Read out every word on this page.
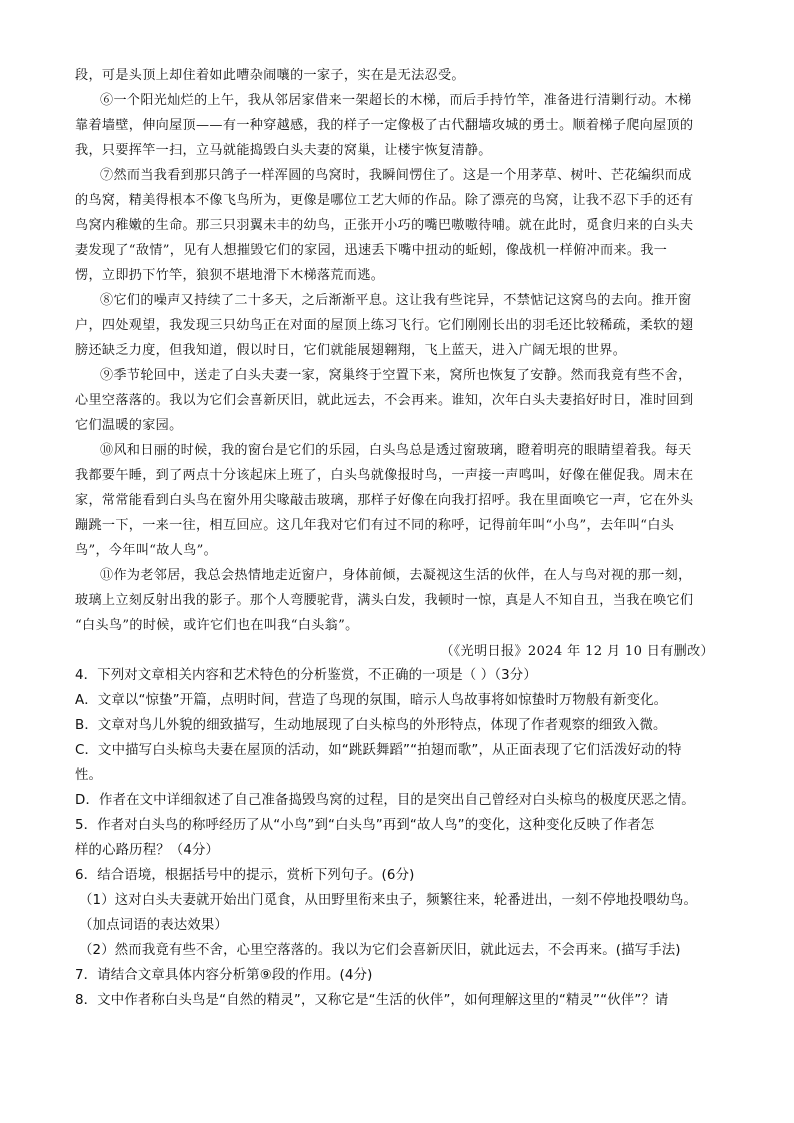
段，可是头顶上却住着如此嘈杂闹嚷的一家子，实在是无法忍受。
⑥一个阳光灿烂的上午，我从邻居家借来一架超长的木梯，而后手持竹竿，准备进行清剿行动。木梯
靠着墙壁，伸向屋顶——有一种穿越感，我的样子一定像极了古代翻墙攻城的勇士。顺着梯子爬向屋顶的
我，只要挥竿一扫，立马就能捣毁白头夫妻的窝巢，让楼宇恢复清静。
⑦然而当我看到那只鸽子一样浑圆的鸟窝时，我瞬间愣住了。这是一个用茅草、树叶、芒花编织而成
的鸟窝，精美得根本不像飞鸟所为，更像是哪位工艺大师的作品。除了漂亮的鸟窝，让我不忍下手的还有
鸟窝内稚嫩的生命。那三只羽翼未丰的幼鸟，正张开小巧的嘴巴嗷嗷待哺。就在此时，觅食归来的白头夫
妻发现了“敌情”，见有人想摧毁它们的家园，迅速丢下嘴中扭动的蚯蚓，像战机一样俯冲而来。我一
愣，立即扔下竹竿，狼狈不堪地滑下木梯落荒而逃。
⑧它们的噪声又持续了二十多天，之后渐渐平息。这让我有些诧异，不禁惦记这窝鸟的去向。推开窗
户，四处观望，我发现三只幼鸟正在对面的屋顶上练习飞行。它们刚刚长出的羽毛还比较稀疏，柔软的翅
膀还缺乏力度，但我知道，假以时日，它们就能展翅翱翔，飞上蓝天，进入广阔无垠的世界。
⑨季节轮回中，送走了白头夫妻一家，窝巢终于空置下来，窝所也恢复了安静。然而我竟有些不舍，
心里空落落的。我以为它们会喜新厌旧，就此远去，不会再来。谁知，次年白头夫妻掐好时日，准时回到
它们温暖的家园。
⑩风和日丽的时候，我的窗台是它们的乐园，白头鸟总是透过窗玻璃，瞪着明亮的眼睛望着我。每天
我都要午睡，到了两点十分该起床上班了，白头鸟就像报时鸟，一声接一声鸣叫，好像在催促我。周末在
家，常常能看到白头鸟在窗外用尖喙敲击玻璃，那样子好像在向我打招呼。我在里面唤它一声，它在外头
蹦跳一下，一来一往，相互回应。这几年我对它们有过不同的称呼，记得前年叫“小鸟”，去年叫“白头
鸟”，今年叫“故人鸟”。
⑪作为老邻居，我总会热情地走近窗户，身体前倾，去凝视这生活的伙伴，在人与鸟对视的那一刻，
玻璃上立刻反射出我的影子。那个人弯腰驼背，满头白发，我顿时一惊，真是人不知自丑，当我在唤它们
“白头鸟”的时候，或许它们也在叫我“白头翁”。
（《光明日报》2024 年 12 月 10 日有删改）
4．下列对文章相关内容和艺术特色的分析鉴赏，不正确的一项是（ ）（3分）
A．文章以“惊蛰”开篇，点明时间，营造了鸟现的氛围，暗示人鸟故事将如惊蛰时万物般有新变化。
B．文章对鸟儿外貌的细致描写，生动地展现了白头椋鸟的外形特点，体现了作者观察的细致入微。
C．文中描写白头椋鸟夫妻在屋顶的活动，如“跳跃舞蹈”“拍翅而歌”，从正面表现了它们活泼好动的特
性。
D．作者在文中详细叙述了自己准备捣毁鸟窝的过程，目的是突出自己曾经对白头椋鸟的极度厌恶之情。
5．作者对白头鸟的称呼经历了从“小鸟”到“白头鸟”再到“故人鸟”的变化，这种变化反映了作者怎
样的心路历程？（4分）
6．结合语境，根据括号中的提示，赏析下列句子。(6分)
（1）这对白头夫妻就开始出门觅食，从田野里衔来虫子，频繁往来，轮番进出，一刻不停地投喂幼鸟。
（加点词语的表达效果）
（2）然而我竟有些不舍，心里空落落的。我以为它们会喜新厌旧，就此远去，不会再来。(描写手法)
7．请结合文章具体内容分析第⑨段的作用。(4分)
8．文中作者称白头鸟是“自然的精灵”，又称它是“生活的伙伴”，如何理解这里的“精灵”“伙伴”？请
